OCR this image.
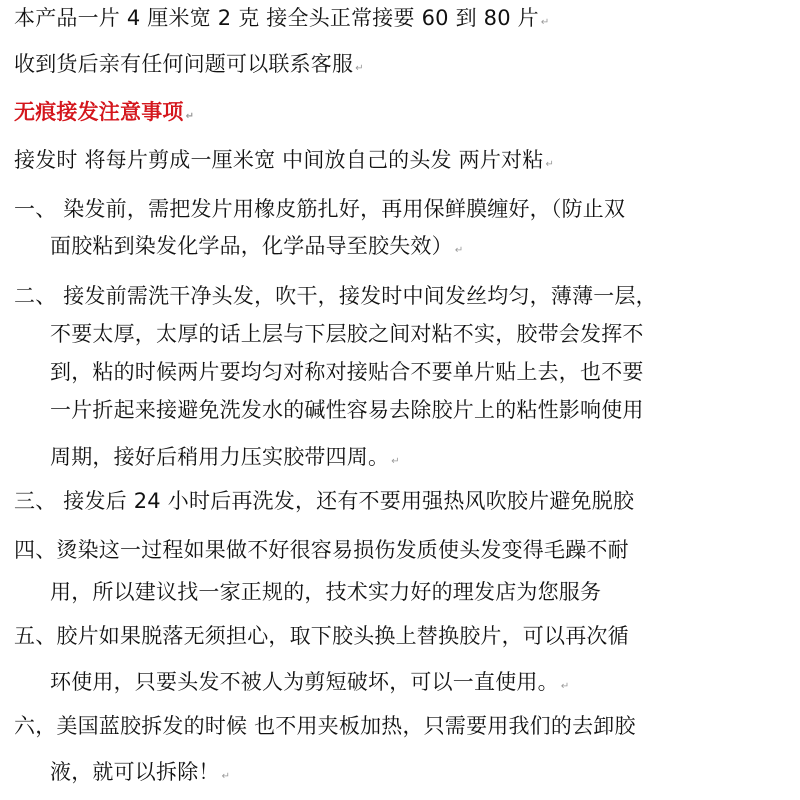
本产品一片 4 厘米宽 2 克 接全头正常接要 60 到 80 片 ↵
收到货后亲有任何问题可以联系客服 ↵
无痕接发注意事项 ↵
接发时 将每片剪成一厘米宽 中间放自己的头发 两片对粘 ↵
一、 染发前，需把发片用橡皮筋扎好，再用保鲜膜缠好，（防止双
面胶粘到染发化学品，化学品导至胶失效） ↵
二、 接发前需洗干净头发，吹干，接发时中间发丝均匀，薄薄一层，
不要太厚，太厚的话上层与下层胶之间对粘不实，胶带会发挥不
到，粘的时候两片要均匀对称对接贴合不要单片贴上去，也不要
一片折起来接避免洗发水的碱性容易去除胶片上的粘性影响使用
周期，接好后稍用力压实胶带四周。 ↵
三、 接发后 24 小时后再洗发，还有不要用强热风吹胶片避免脱胶
四、烫染这一过程如果做不好很容易损伤发质使头发变得毛躁不耐
用，所以建议找一家正规的，技术实力好的理发店为您服务
五、胶片如果脱落无须担心，取下胶头换上替换胶片，可以再次循
环使用，只要头发不被人为剪短破坏，可以一直使用。 ↵
六，美国蓝胶拆发的时候 也不用夹板加热，只需要用我们的去卸胶
液，就可以拆除！ ↵
